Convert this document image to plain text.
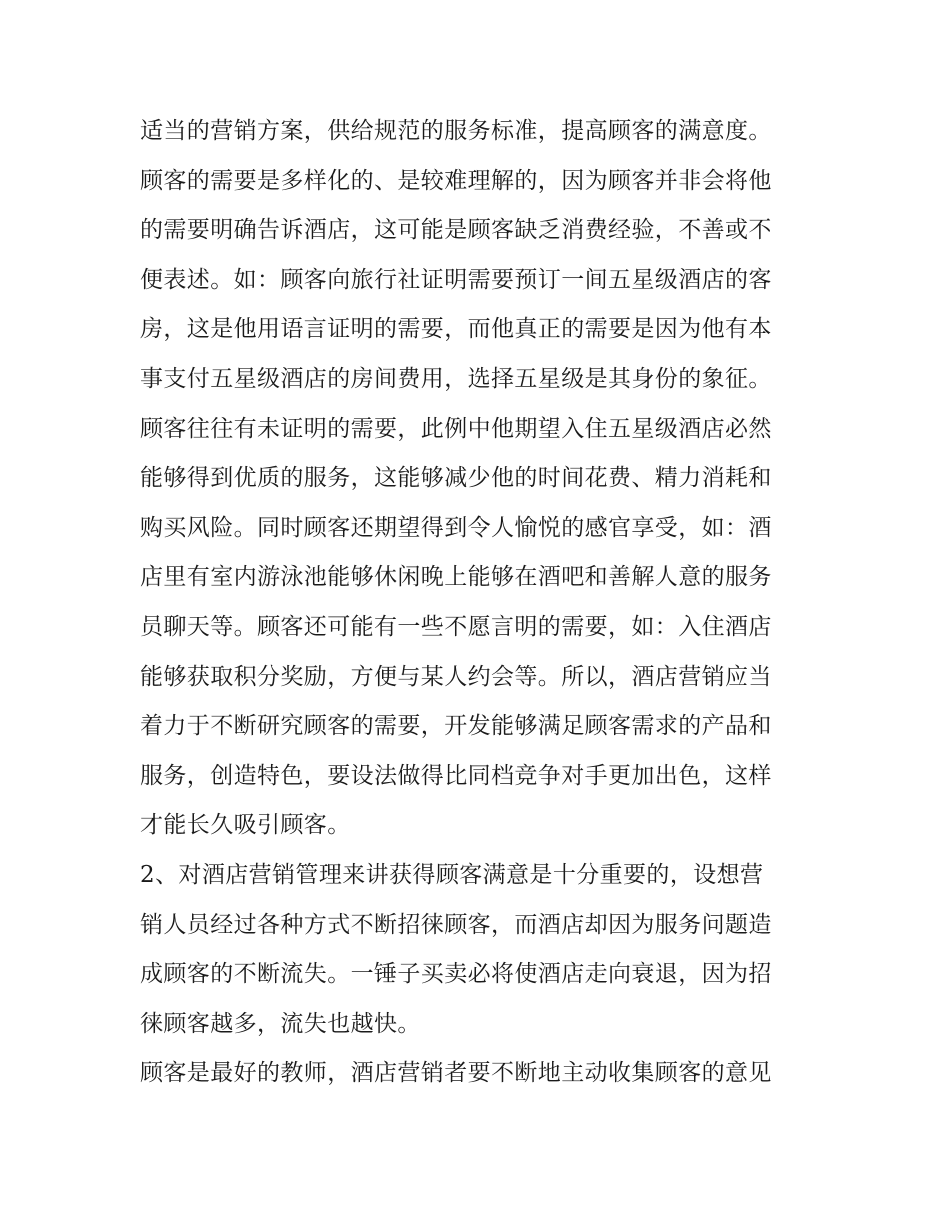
适当的营销方案，供给规范的服务标准，提高顾客的满意度。
顾客的需要是多样化的、是较难理解的，因为顾客并非会将他
的需要明确告诉酒店，这可能是顾客缺乏消费经验，不善或不
便表述。如：顾客向旅行社证明需要预订一间五星级酒店的客
房，这是他用语言证明的需要，而他真正的需要是因为他有本
事支付五星级酒店的房间费用，选择五星级是其身份的象征。
顾客往往有未证明的需要，此例中他期望入住五星级酒店必然
能够得到优质的服务，这能够减少他的时间花费、精力消耗和
购买风险。同时顾客还期望得到令人愉悦的感官享受，如：酒
店里有室内游泳池能够休闲晚上能够在酒吧和善解人意的服务
员聊天等。顾客还可能有一些不愿言明的需要，如：入住酒店
能够获取积分奖励，方便与某人约会等。所以，酒店营销应当
着力于不断研究顾客的需要，开发能够满足顾客需求的产品和
服务，创造特色，要设法做得比同档竞争对手更加出色，这样
才能长久吸引顾客。
2、对酒店营销管理来讲获得顾客满意是十分重要的，设想营
销人员经过各种方式不断招徕顾客，而酒店却因为服务问题造
成顾客的不断流失。一锤子买卖必将使酒店走向衰退，因为招
徕顾客越多，流失也越快。
顾客是最好的教师，酒店营销者要不断地主动收集顾客的意见
